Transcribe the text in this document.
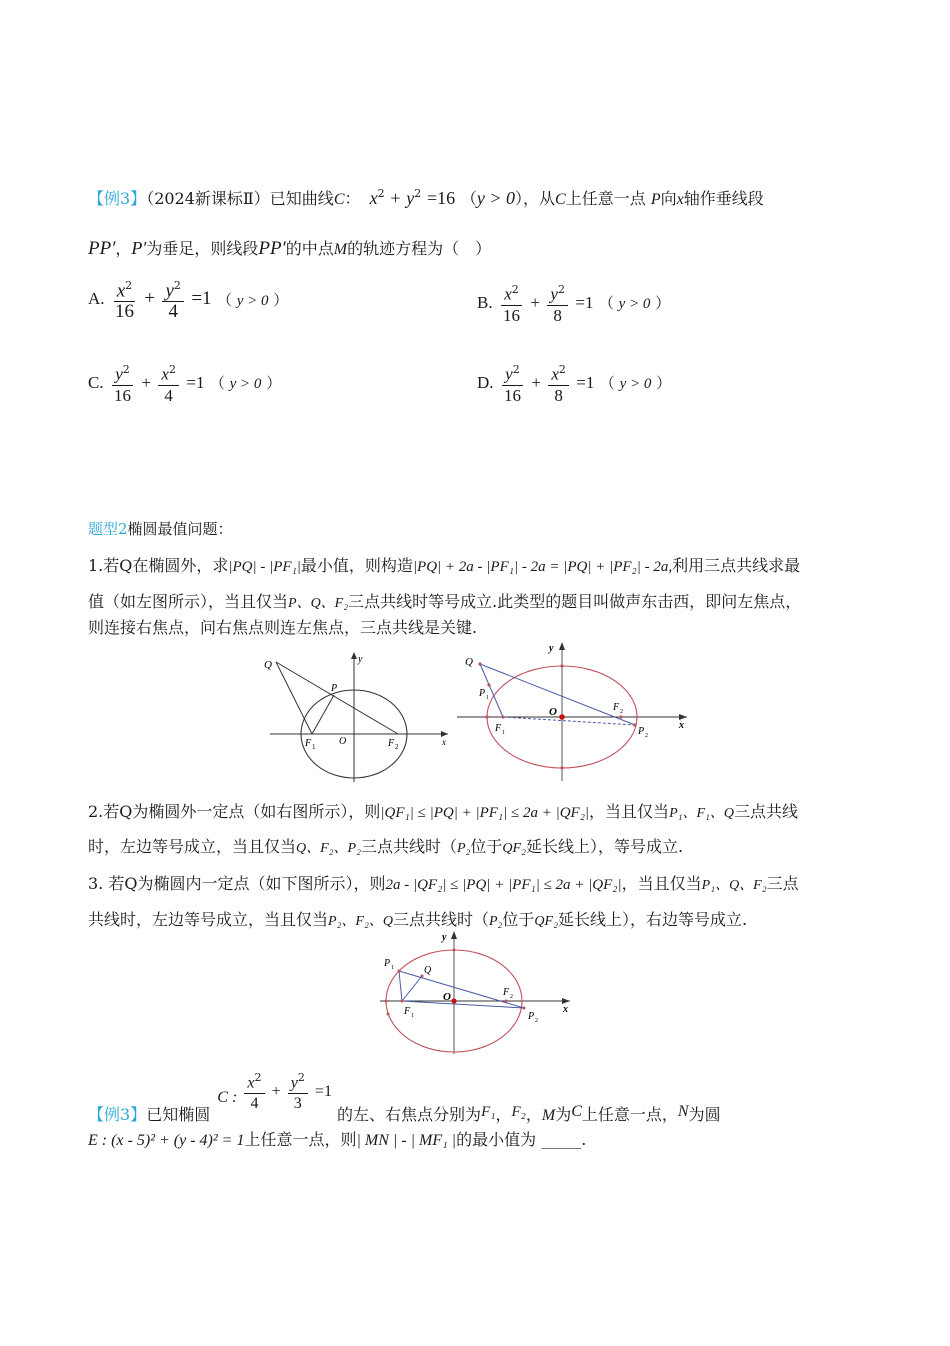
【例3】（2024新课标Ⅱ）已知曲线C： $x^2 + y^2 =16$ （y > 0），从C上任意一点 P向x轴作垂线段
PP′，P′为垂足，则线段PP′的中点M的轨迹方程为（　）
A. $\frac{x^2}{16} + \frac{y^2}{4} =1$ （ y > 0 ）	B. $\frac{x^2}{16} + \frac{y^2}{8} =1$ （ y > 0 ）
C. $\frac{y^2}{16} + \frac{x^2}{4} =1$ （ y > 0 ）	D. $\frac{y^2}{16} + \frac{x^2}{8} =1$ （ y > 0 ）
题型2椭圆最值问题：
1.若Q在椭圆外，求|PQ| - |PF₁|最小值，则构造|PQ| + 2a - |PF₁| - 2a = |PQ| + |PF₂| - 2a,利用三点共线求最
值（如左图所示），当且仅当P、Q、F₂三点共线时等号成立.此类型的题目叫做声东击西，即问左焦点，
则连接右焦点，问右焦点则连左焦点，三点共线是关键.
Q
P
y
F 1 O	F 2	x
y
Q
P 1
O	F 2
F 1	P 2
x
2.若Q为椭圆外一定点（如右图所示），则|QF₁| ≤ |PQ| + |PF₁| ≤ 2a + |QF₂|，当且仅当P₁、F₁、Q三点共线
时，左边等号成立，当且仅当Q、F₂、P₂三点共线时（P₂位于QF₂延长线上），等号成立.
3. 若Q为椭圆内一定点（如下图所示），则2a - |QF₂| ≤ |PQ| + |PF₁| ≤ 2a + |QF₂|，当且仅当P₁、Q、F₂三点
共线时，左边等号成立，当且仅当P₂、F₂、Q三点共线时（P₂位于QF₂延长线上），右边等号成立.
y
P 1	Q
O	F 2
F 1	P 2
x
【例3】已知椭圆 C : $\frac{x^2}{4} + \frac{y^2}{3} =1$ 的左、右焦点分别为F₁，F₂，M为C上任意一点，N为圆
E : (x - 5)² + (y - 4)² = 1上任意一点，则| MN | - | MF₁ |的最小值为 _____.
